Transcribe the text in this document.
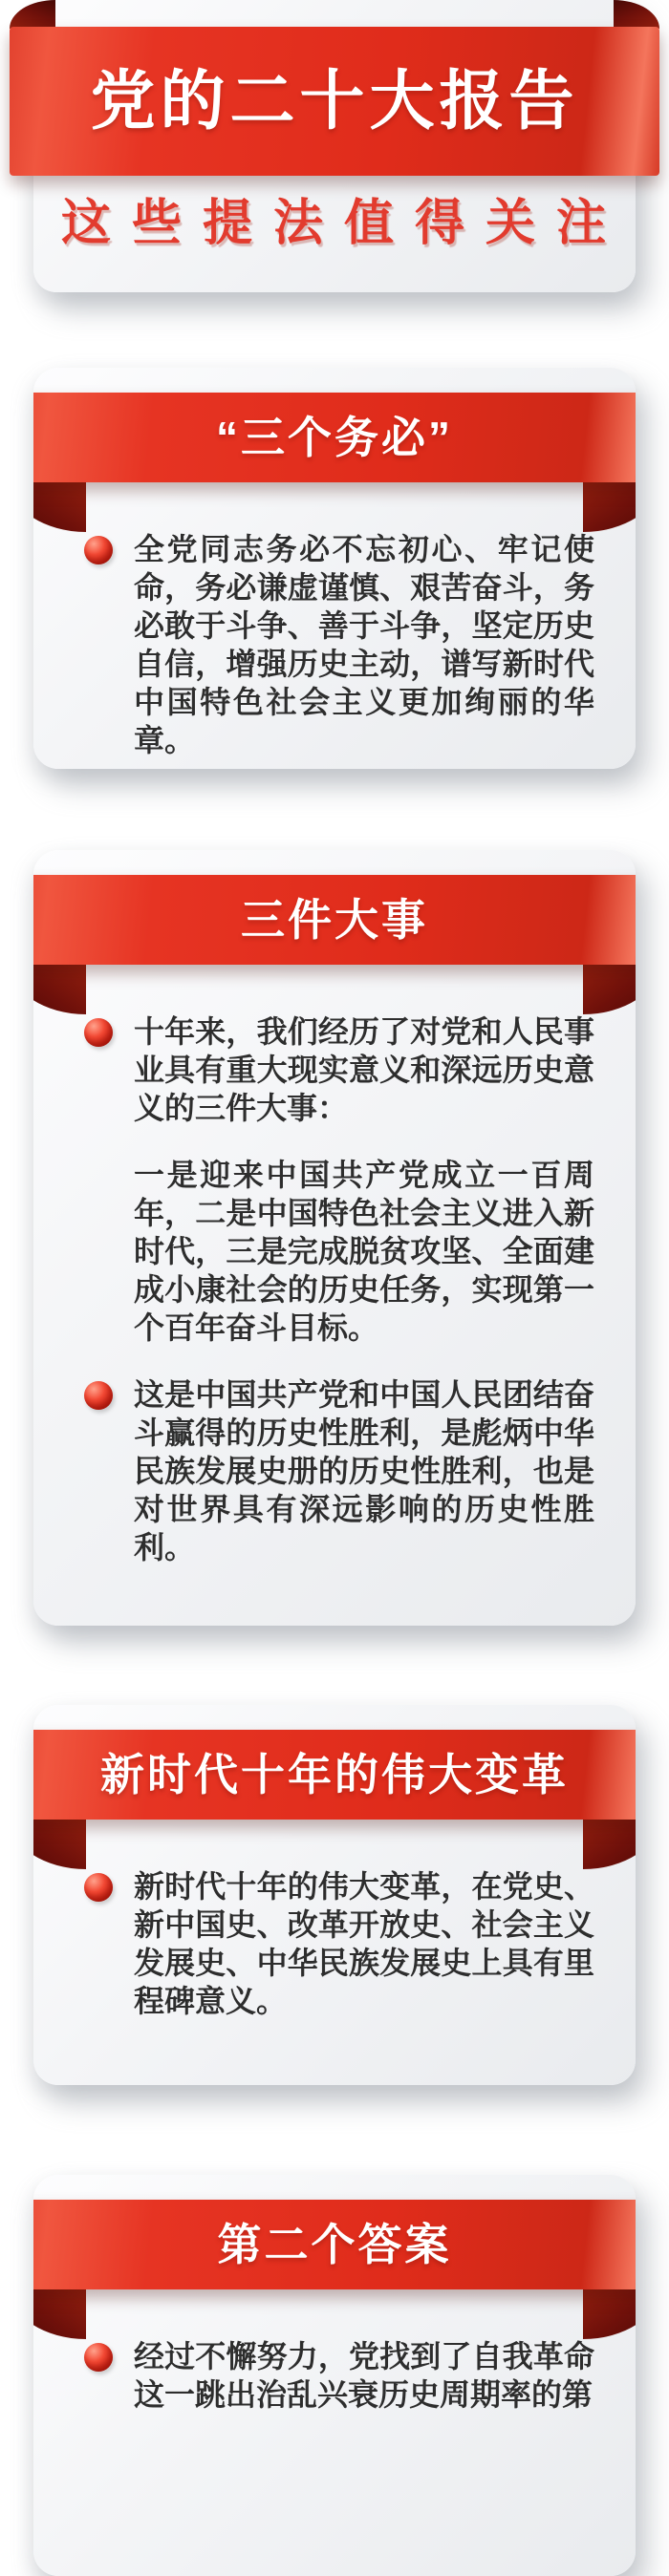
党的二十大报告
这些提法值得关注
“三个务必”
全党同志务必不忘初心、牢记使命，务必谦虚谨慎、艰苦奋斗，务必敢于斗争、善于斗争，坚定历史自信，增强历史主动，谱写新时代中国特色社会主义更加绚丽的华章。
三件大事
十年来，我们经历了对党和人民事业具有重大现实意义和深远历史意义的三件大事：
一是迎来中国共产党成立一百周年，二是中国特色社会主义进入新时代，三是完成脱贫攻坚、全面建成小康社会的历史任务，实现第一个百年奋斗目标。
这是中国共产党和中国人民团结奋斗赢得的历史性胜利，是彪炳中华民族发展史册的历史性胜利，也是对世界具有深远影响的历史性胜利。
新时代十年的伟大变革
新时代十年的伟大变革，在党史、新中国史、改革开放史、社会主义发展史、中华民族发展史上具有里程碑意义。
第二个答案
经过不懈努力，党找到了自我革命这一跳出治乱兴衰历史周期率的第
